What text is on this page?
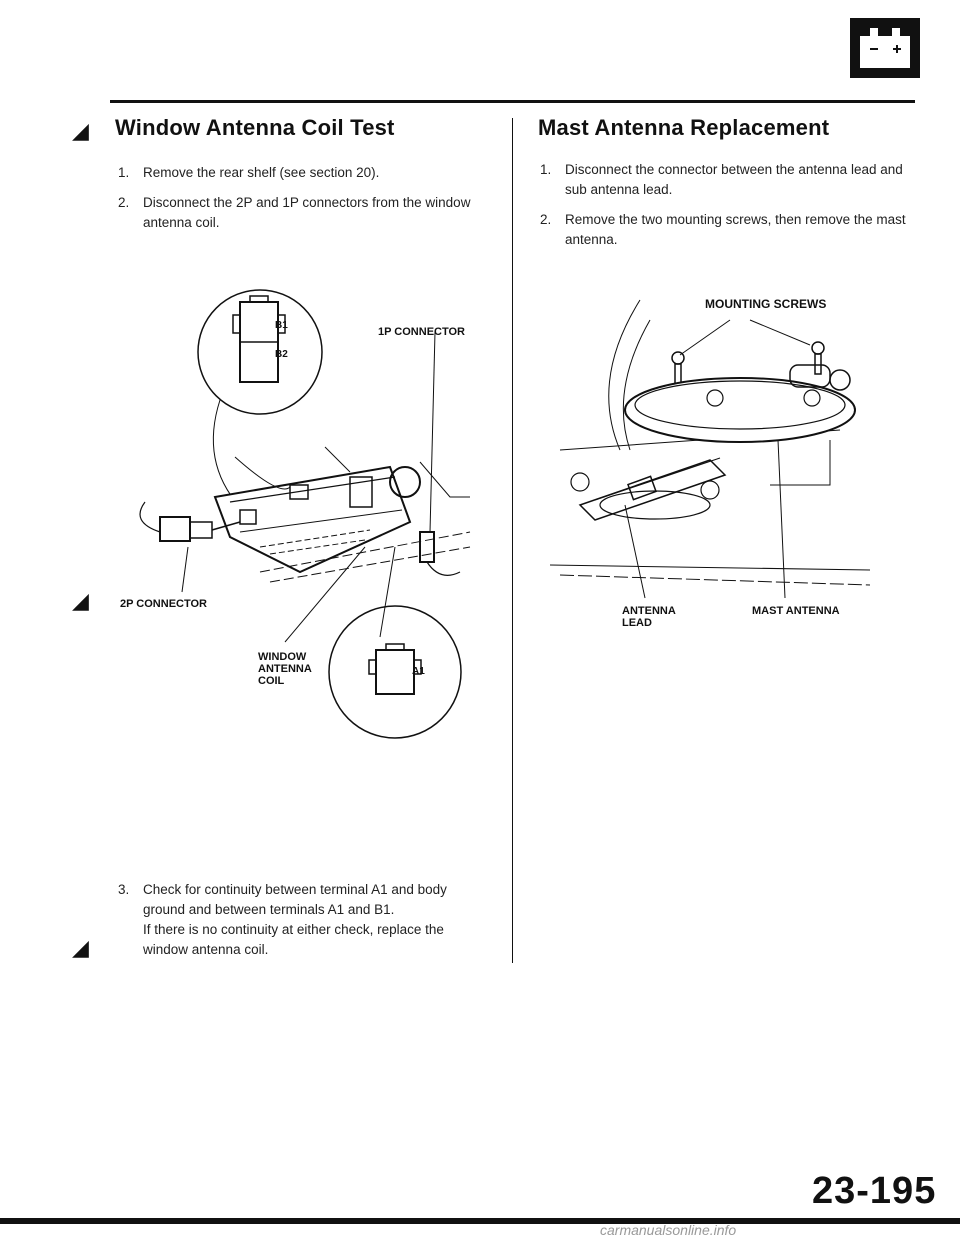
◢
◢
◢
Window Antenna Coil Test
1. Remove the rear shelf (see section 20).
2. Disconnect the 2P and 1P connectors from the window antenna coil.
B1
B2
A1
1P CONNECTOR
2P CONNECTOR
WINDOW
ANTENNA
COIL
3. Check for continuity between terminal A1 and body ground and between terminals A1 and B1.
If there is no continuity at either check, replace the window antenna coil.
Mast Antenna Replacement
1. Disconnect the connector between the antenna lead and sub antenna lead.
2. Remove the two mounting screws, then remove the mast antenna.
MOUNTING SCREWS
ANTENNA
LEAD
MAST ANTENNA
23-195
carmanualsonline.info
